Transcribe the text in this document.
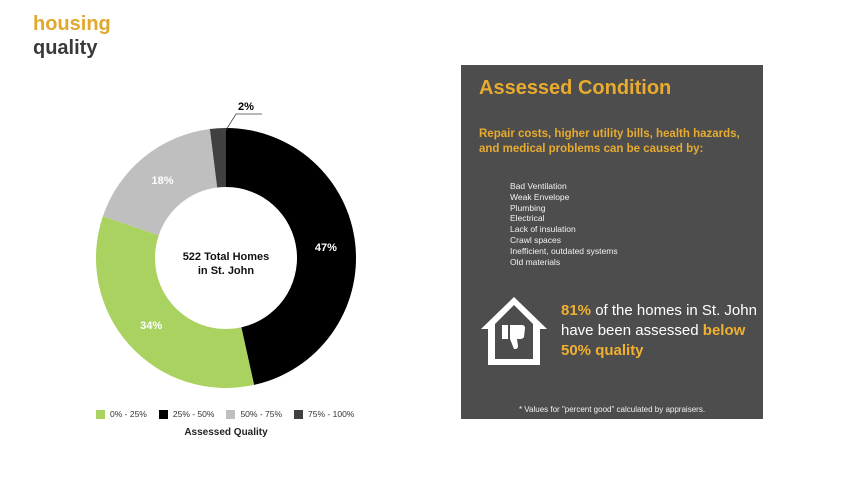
housing
quality
47%
34%
18%
2%
522 Total Homes
in St. John
0% - 25%	25% - 50%	50% - 75%	75% - 100%
Assessed Quality
Assessed Condition
Repair costs, higher utility bills, health hazards, and medical problems can be caused by:
Bad Ventilation
Weak Envelope
Plumbing
Electrical
Lack of insulation
Crawl spaces
Inefficient, outdated systems
Old materials
81% of the homes in St. John have been assessed below 50% quality
* Values for "percent good" calculated by appraisers.
